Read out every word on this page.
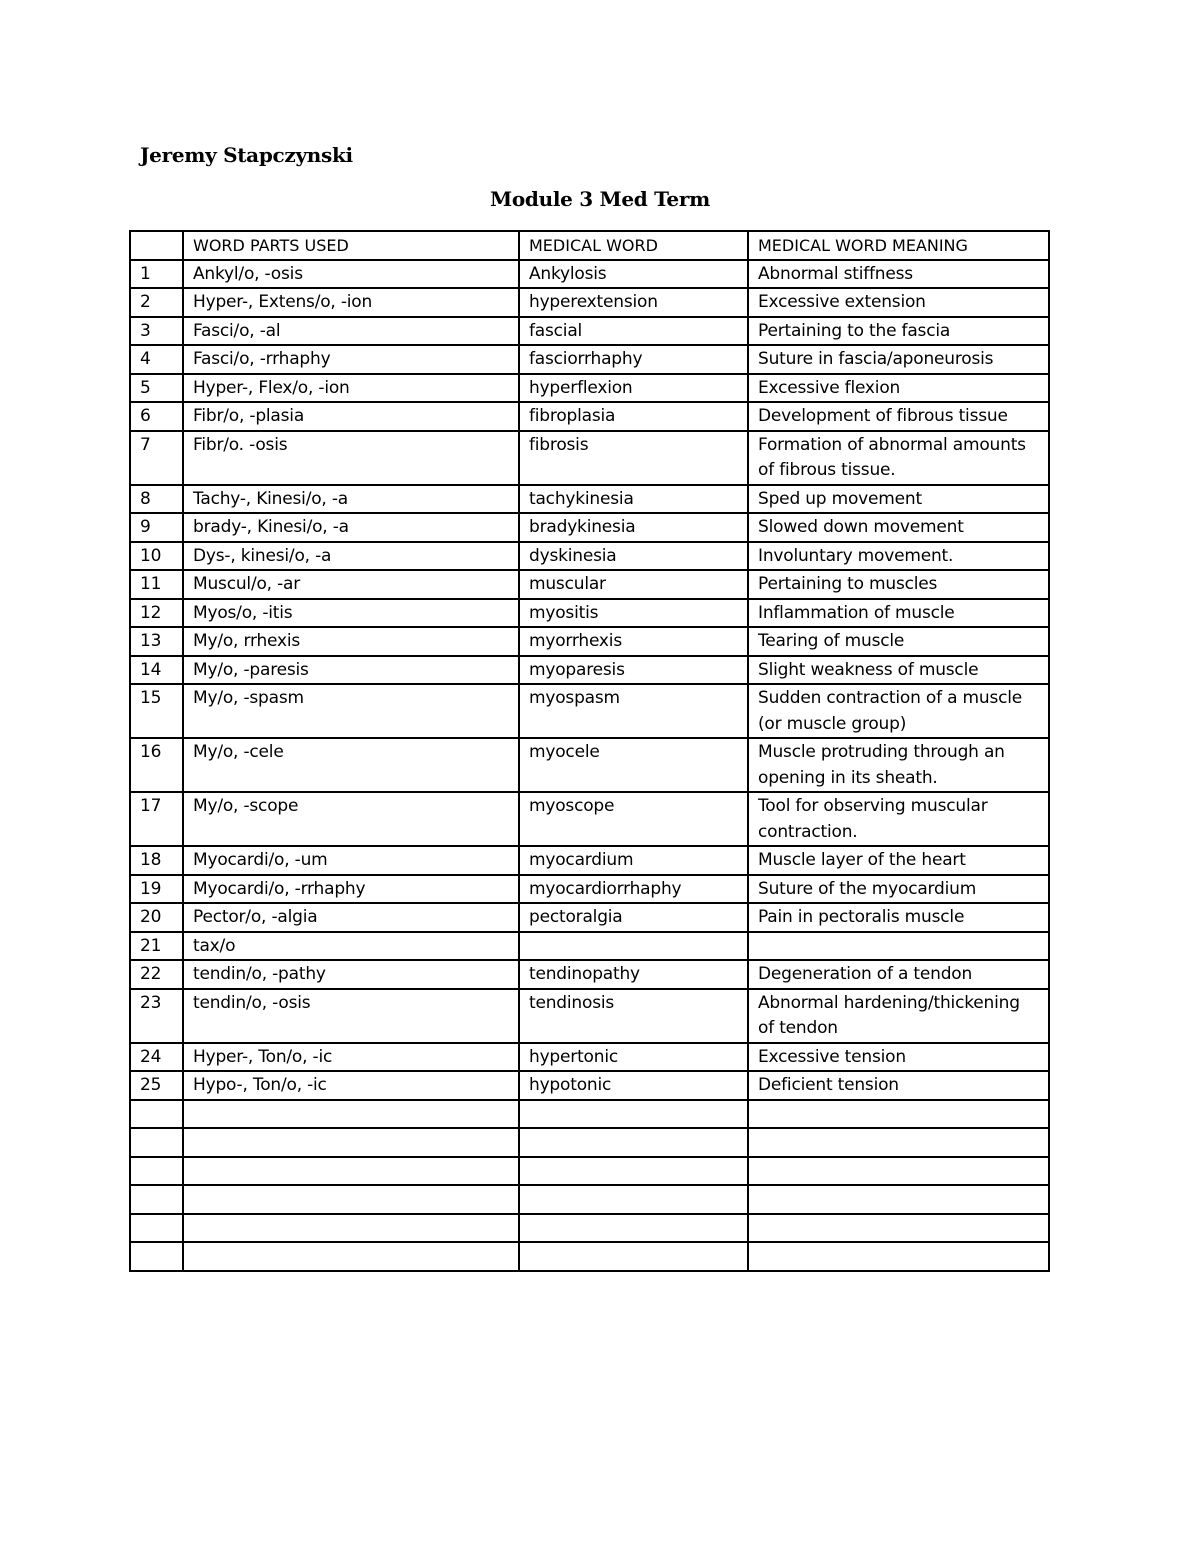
Jeremy Stapczynski
Module 3 Med Term
	WORD PARTS USED	MEDICAL WORD	MEDICAL WORD MEANING
1	Ankyl/o, -osis	Ankylosis	Abnormal stiffness
2	Hyper-, Extens/o, -ion	hyperextension	Excessive extension
3	Fasci/o, -al	fascial	Pertaining to the fascia
4	Fasci/o, -rrhaphy	fasciorrhaphy	Suture in fascia/aponeurosis
5	Hyper-, Flex/o, -ion	hyperflexion	Excessive flexion
6	Fibr/o, -plasia	fibroplasia	Development of fibrous tissue
7	Fibr/o. -osis	fibrosis	Formation of abnormal amounts of fibrous tissue.
8	Tachy-, Kinesi/o, -a	tachykinesia	Sped up movement
9	brady-, Kinesi/o, -a	bradykinesia	Slowed down movement
10	Dys-, kinesi/o, -a	dyskinesia	Involuntary movement.
11	Muscul/o, -ar	muscular	Pertaining to muscles
12	Myos/o, -itis	myositis	Inflammation of muscle
13	My/o, rrhexis	myorrhexis	Tearing of muscle
14	My/o, -paresis	myoparesis	Slight weakness of muscle
15	My/o, -spasm	myospasm	Sudden contraction of a muscle (or muscle group)
16	My/o, -cele	myocele	Muscle protruding through an opening in its sheath.
17	My/o, -scope	myoscope	Tool for observing muscular contraction.
18	Myocardi/o, -um	myocardium	Muscle layer of the heart
19	Myocardi/o, -rrhaphy	myocardiorrhaphy	Suture of the myocardium
20	Pector/o, -algia	pectoralgia	Pain in pectoralis muscle
21	tax/o		
22	tendin/o, -pathy	tendinopathy	Degeneration of a tendon
23	tendin/o, -osis	tendinosis	Abnormal hardening/thickening of tendon
24	Hyper-, Ton/o, -ic	hypertonic	Excessive tension
25	Hypo-, Ton/o, -ic	hypotonic	Deficient tension
